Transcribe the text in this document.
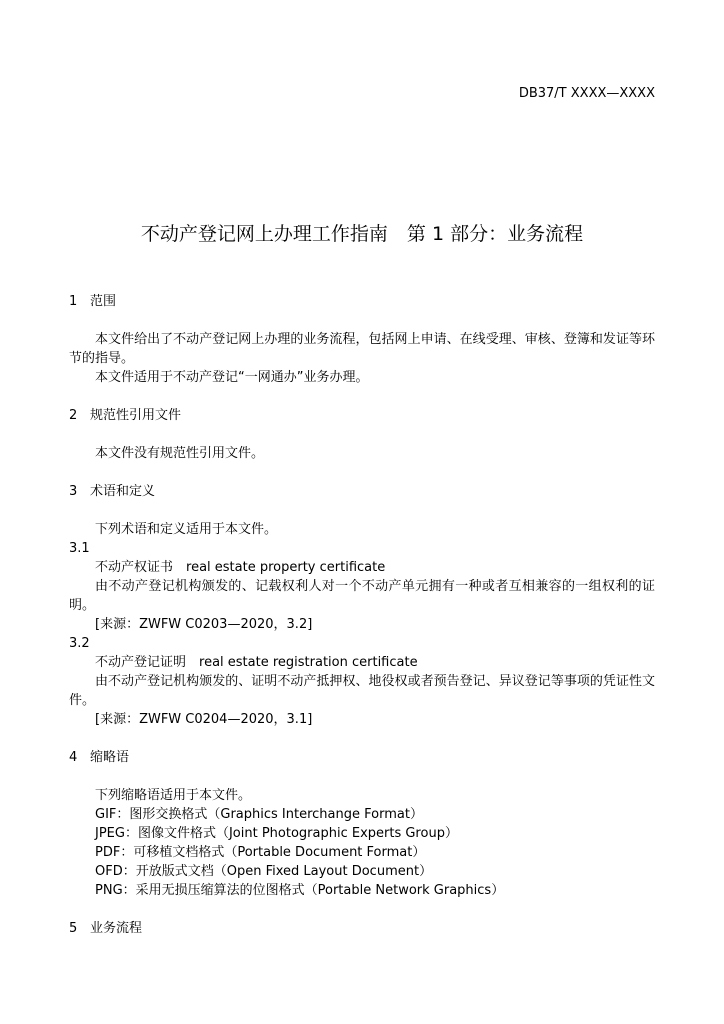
DB37/T XXXX—XXXX
不动产登记网上办理工作指南　第 1 部分：业务流程
1 范围
本文件给出了不动产登记网上办理的业务流程，包括网上申请、在线受理、审核、登簿和发证等环节的指导。
本文件适用于不动产登记“一网通办”业务办理。
2 规范性引用文件
本文件没有规范性引用文件。
3 术语和定义
下列术语和定义适用于本文件。
3.1
不动产权证书 real estate property certificate
由不动产登记机构颁发的、记载权利人对一个不动产单元拥有一种或者互相兼容的一组权利的证明。
[来源：ZWFW C0203—2020，3.2]
3.2
不动产登记证明 real estate registration certificate
由不动产登记机构颁发的、证明不动产抵押权、地役权或者预告登记、异议登记等事项的凭证性文件。
[来源：ZWFW C0204—2020，3.1]
4 缩略语
下列缩略语适用于本文件。
GIF：图形交换格式（Graphics Interchange Format）
JPEG：图像文件格式（Joint Photographic Experts Group）
PDF：可移植文档格式（Portable Document Format）
OFD：开放版式文档（Open Fixed Layout Document）
PNG：采用无损压缩算法的位图格式（Portable Network Graphics）
5 业务流程
